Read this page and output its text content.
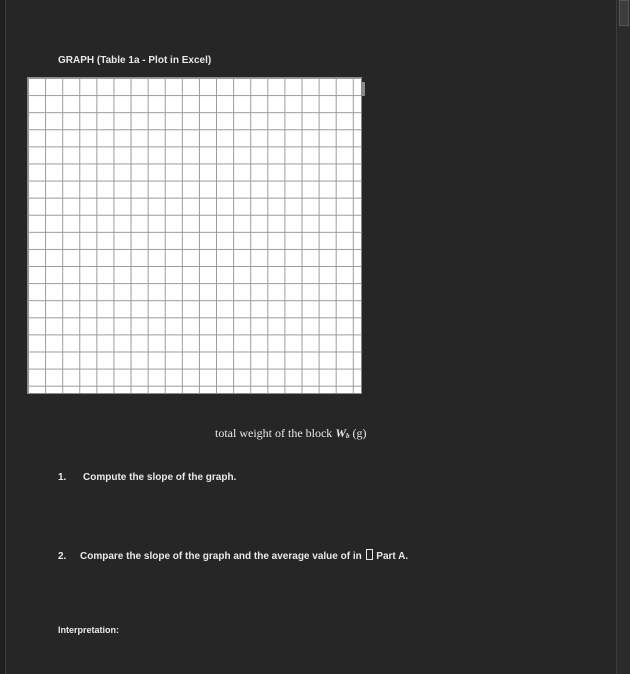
GRAPH (Table 1a - Plot in Excel)
total weight of the block Wb (g)
1. Compute the slope of the graph.
2. Compare the slope of the graph and the average value of in  Part A.
Interpretation:
